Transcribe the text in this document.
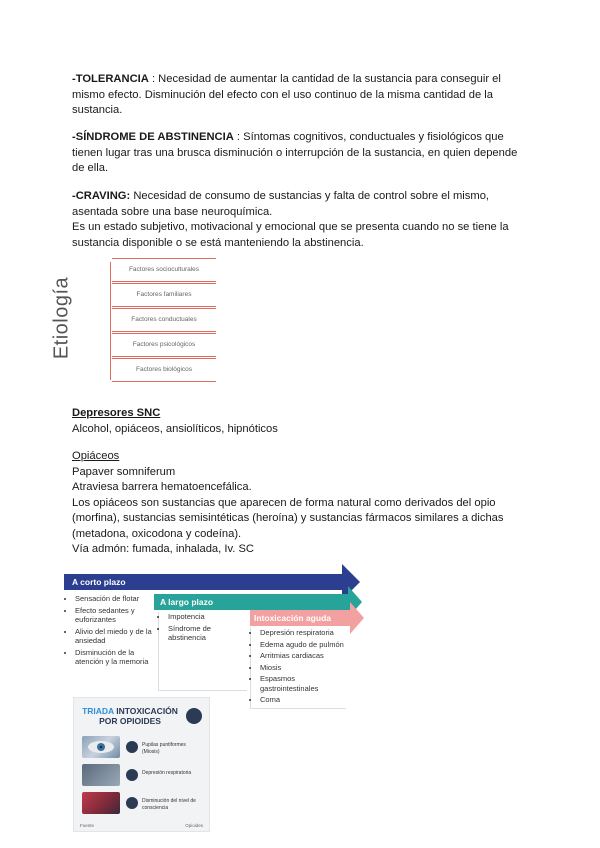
-TOLERANCIA : Necesidad de aumentar la cantidad de la sustancia para conseguir el mismo efecto. Disminución del efecto con el uso continuo de la misma cantidad de la sustancia.
-SÍNDROME DE ABSTINENCIA : Síntomas cognitivos, conductuales y fisiológicos que tienen lugar tras una brusca disminución o interrupción de la sustancia, en quien depende de ella.
-CRAVING: Necesidad de consumo de sustancias y falta de control sobre el mismo, asentada sobre una base neuroquímica.
Es un estado subjetivo, motivacional y emocional que se presenta cuando no se tiene la sustancia disponible o se está manteniendo la abstinencia.
Etiología
Factores socioculturales
Factores familiares
Factores conductuales
Factores psicológicos
Factores biológicos
Depresores SNC
Alcohol, opiáceos, ansiolíticos, hipnóticos
Opiáceos
Papaver somniferum
Atraviesa barrera hematoencefálica.
Los opiáceos son sustancias que aparecen de forma natural como derivados del opio (morfina), sustancias semisintéticas (heroína) y sustancias fármacos similares a dichas (metadona, oxicodona y codeína).
Vía admón: fumada, inhalada, Iv. SC
A corto plazo
A largo plazo
Intoxicación aguda
• Sensación de flotar
• Efecto sedantes y euforizantes
• Alivio del miedo y de la ansiedad
• Disminución de la atención y la memoria
• Impotencia
• Síndrome de abstinencia
• Depresión respiratoria
• Edema agudo de pulmón
• Arritmias cardiacas
• Miosis
• Espasmos gastrointestinales
• Coma
TRIADA INTOXICACIÓN
POR OPIOIDES
Pupilas puntiformes (Miosis)
Depresión respiratoria
Disminución del nivel de consciencia
Fuente	Opioides
